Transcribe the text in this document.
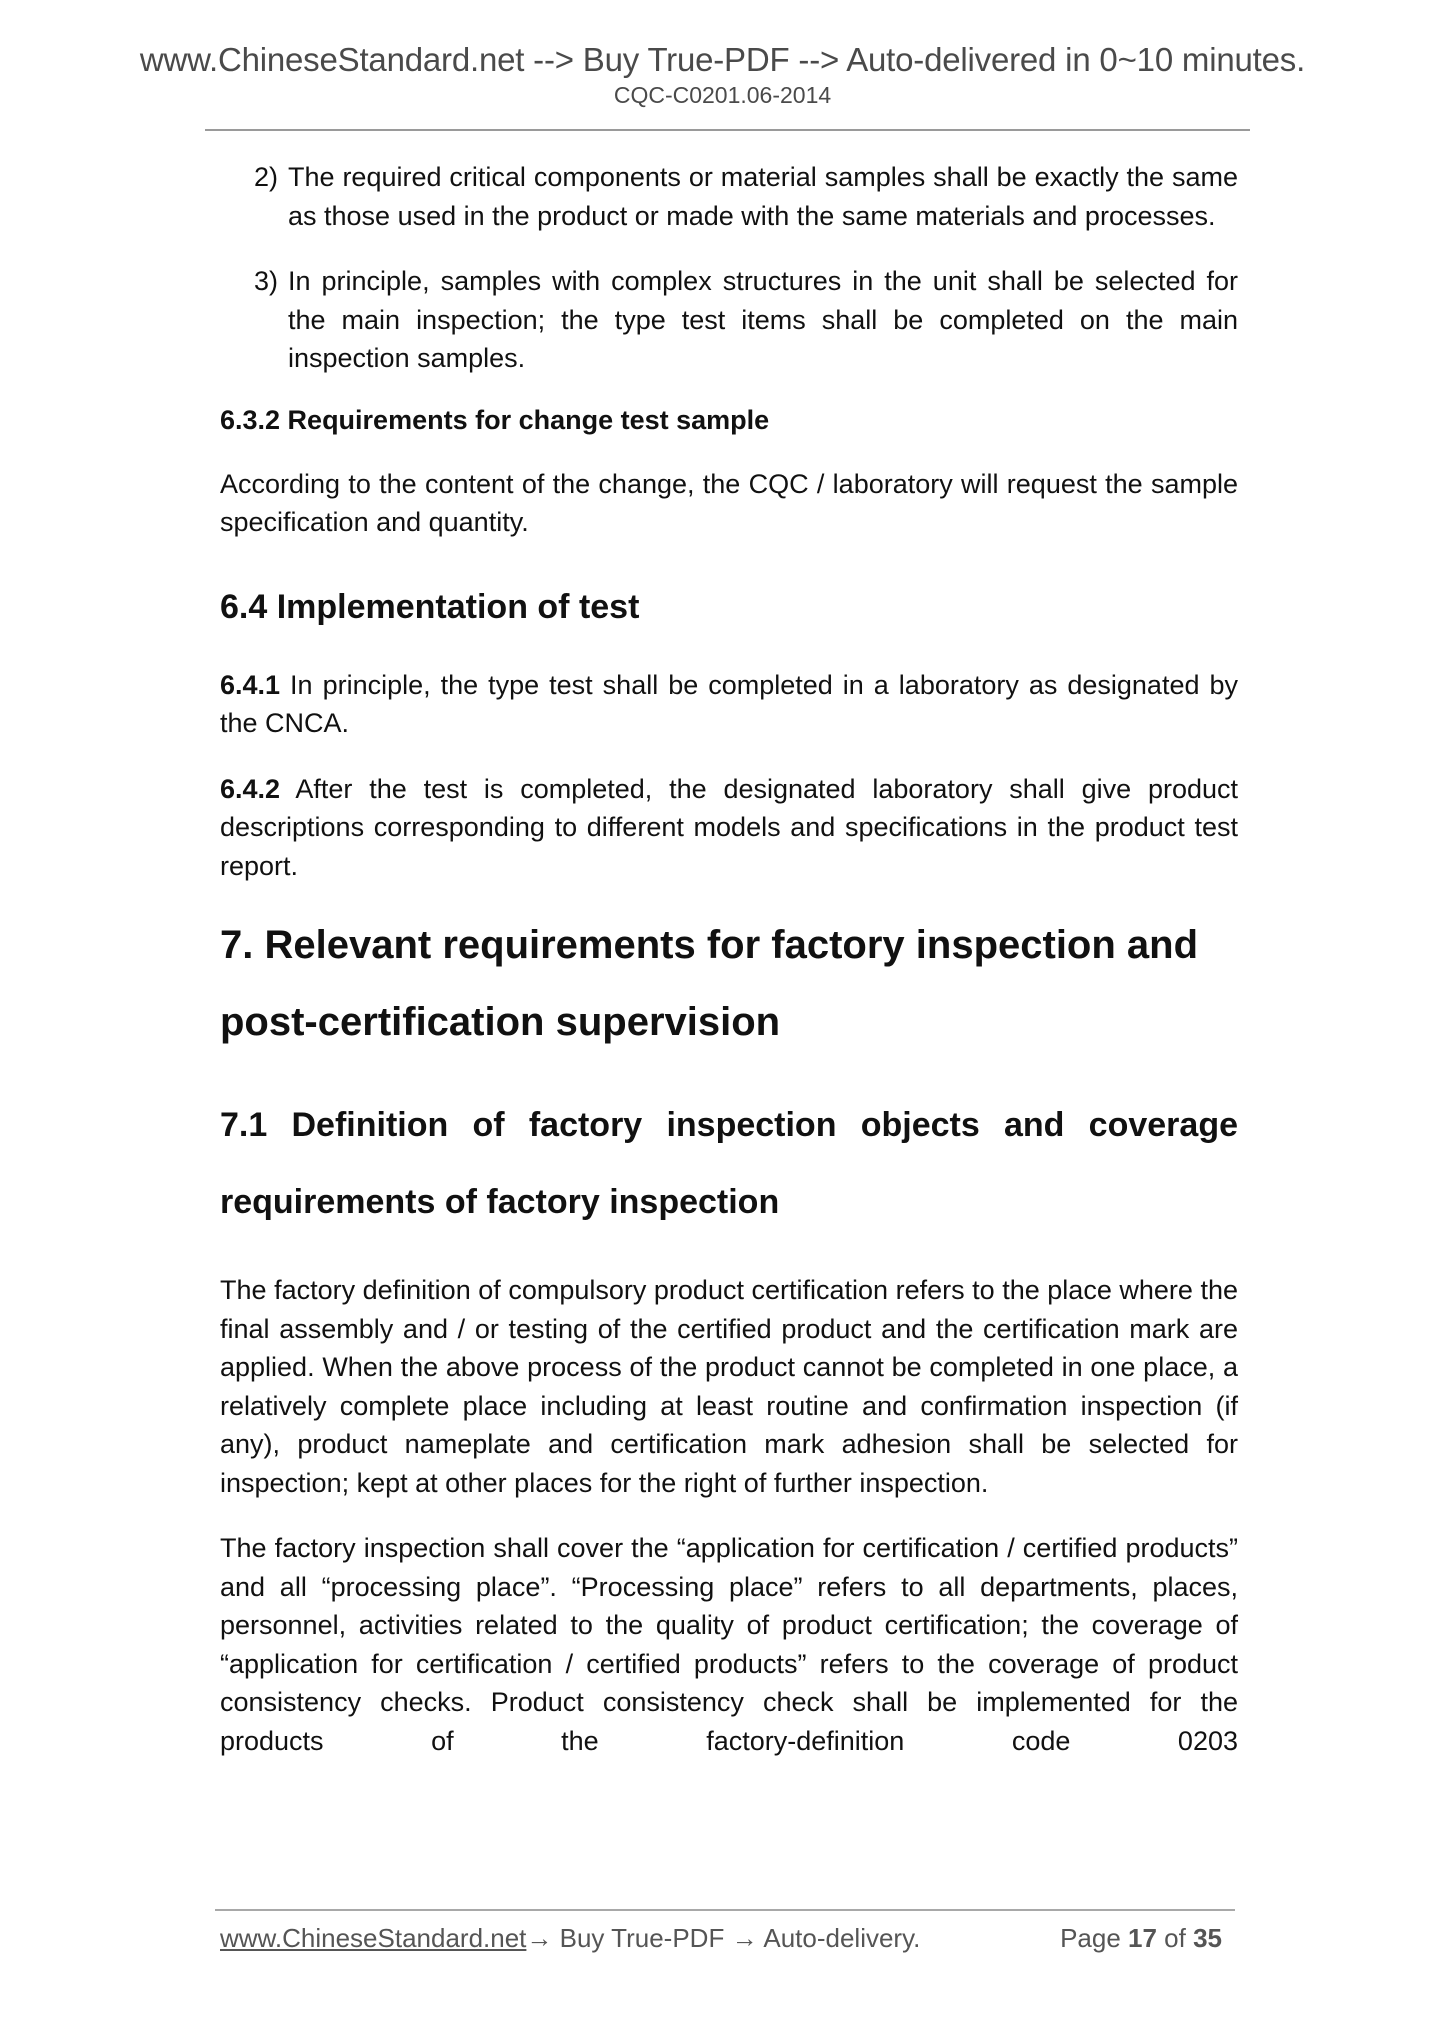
www.ChineseStandard.net --> Buy True-PDF --> Auto-delivered in 0~10 minutes.
CQC-C0201.06-2014
2) The required critical components or material samples shall be exactly the same as those used in the product or made with the same materials and processes.
3) In principle, samples with complex structures in the unit shall be selected for the main inspection; the type test items shall be completed on the main inspection samples.
6.3.2 Requirements for change test sample

According to the content of the change, the CQC / laboratory will request the sample specification and quantity.

6.4 Implementation of test

6.4.1 In principle, the type test shall be completed in a laboratory as designated by the CNCA.

6.4.2 After the test is completed, the designated laboratory shall give product descriptions corresponding to different models and specifications in the product test report.

7. Relevant requirements for factory inspection and
post-certification supervision
7.1 Definition of factory inspection objects and coverage
requirements of factory inspection

The factory definition of compulsory product certification refers to the place where the final assembly and / or testing of the certified product and the certification mark are applied. When the above process of the product cannot be completed in one place, a relatively complete place including at least routine and confirmation inspection (if any), product nameplate and certification mark adhesion shall be selected for inspection; kept at other places for the right of further inspection.

The factory inspection shall cover the “application for certification / certified products” and all “processing place”. “Processing place” refers to all departments, places, personnel, activities related to the quality of product certification; the coverage of “application for certification / certified products” refers to the coverage of product consistency checks. Product consistency check shall be implemented for the products of the factory-definition code 0203

www.ChineseStandard.net→ Buy True-PDF → Auto-delivery.	Page 17 of 35
